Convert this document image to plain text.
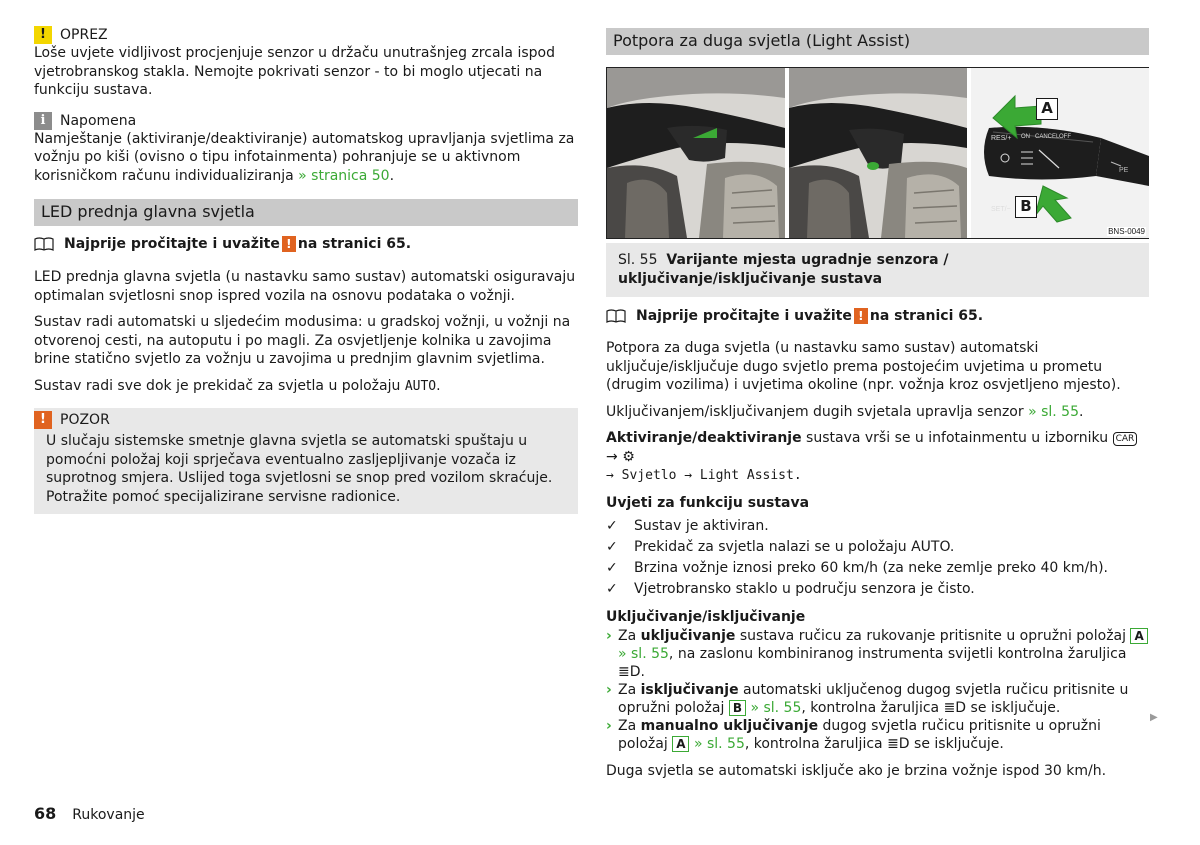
!	OPREZ

Loše uvjete vidljivost procjenjuje senzor u držaču unutrašnjeg zrcala ispod vjetrobranskog stakla. Nemojte pokrivati senzor - to bi moglo utjecati na funkciju sustava.

i	Napomena

Namještanje (aktiviranje/deaktiviranje) automatskog upravljanja svjetlima za vožnju po kiši (ovisno o tipu infotainmenta) pohranjuje se u aktivnom korisničkom računu individualiziranja » stranica 50.

LED prednja glavna svjetla
Najprije pročitajte i uvažite ! na stranici 65.

LED prednja glavna svjetla (u nastavku samo sustav) automatski osiguravaju optimalan svjetlosni snop ispred vozila na osnovu podataka o vožnji.

Sustav radi automatski u sljedećim modusima: u gradskoj vožnji, u vožnji na otvorenoj cesti, na autoputu i po magli. Za osvjetljenje kolnika u zavojima brine statično svjetlo za vožnju u zavojima u prednjim glavnim svjetlima.

Sustav radi sve dok je prekidač za svjetla u položaju AUTO.

!	POZOR

U slučaju sistemske smetnje glavna svjetla se automatski spuštaju u pomoćni položaj koji sprječava eventualno zasljepljivanje vozača iz suprotnog smjera. Uslijed toga svjetlosni se snop pred vozilom skraćuje. Potražite pomoć specijalizirane servisne radionice.

Potpora za duga svjetla (Light Assist)
PE
RES/+ ON CANCEL OFF
SET/−
A
B
BNS-0049
Sl. 55 Varijante mjesta ugradnje senzora / uključivanje/isključivanje sustava
Najprije pročitajte i uvažite ! na stranici 65.

Potpora za duga svjetla (u nastavku samo sustav) automatski uključuje/isključuje dugo svjetlo prema postojećim uvjetima u prometu (drugim vozilima) i uvjetima okoline (npr. vožnja kroz osvjetljeno mjesto).

Uključivanjem/isključivanjem dugih svjetala upravlja senzor » sl. 55.

Aktiviranje/deaktiviranje sustava vrši se u infotainmentu u izborniku CAR → ⚙
→ Svjetlo → Light Assist.

Uvjeti za funkciju sustava

✓	Sustav je aktiviran.
✓	Prekidač za svjetla nalazi se u položaju AUTO.
✓	Brzina vožnje iznosi preko 60 km/h (za neke zemlje preko 40 km/h).
✓	Vjetrobransko staklo u području senzora je čisto.

Uključivanje/isključivanje

› Za uključivanje sustava ručicu za rukovanje pritisnite u opružni položaj A » sl. 55, na zaslonu kombiniranog instrumenta svijetli kontrolna žaruljica ≣D.
› Za isključivanje automatski uključenog dugog svjetla ručicu pritisnite u opružni položaj B » sl. 55, kontrolna žaruljica ≣D se isključuje.
› Za manualno uključivanje dugog svjetla ručicu pritisnite u opružni položaj A » sl. 55, kontrolna žaruljica ≣D se isključuje.

Duga svjetla se automatski isključe ako je brzina vožnje ispod 30 km/h.

▶
68 Rukovanje
